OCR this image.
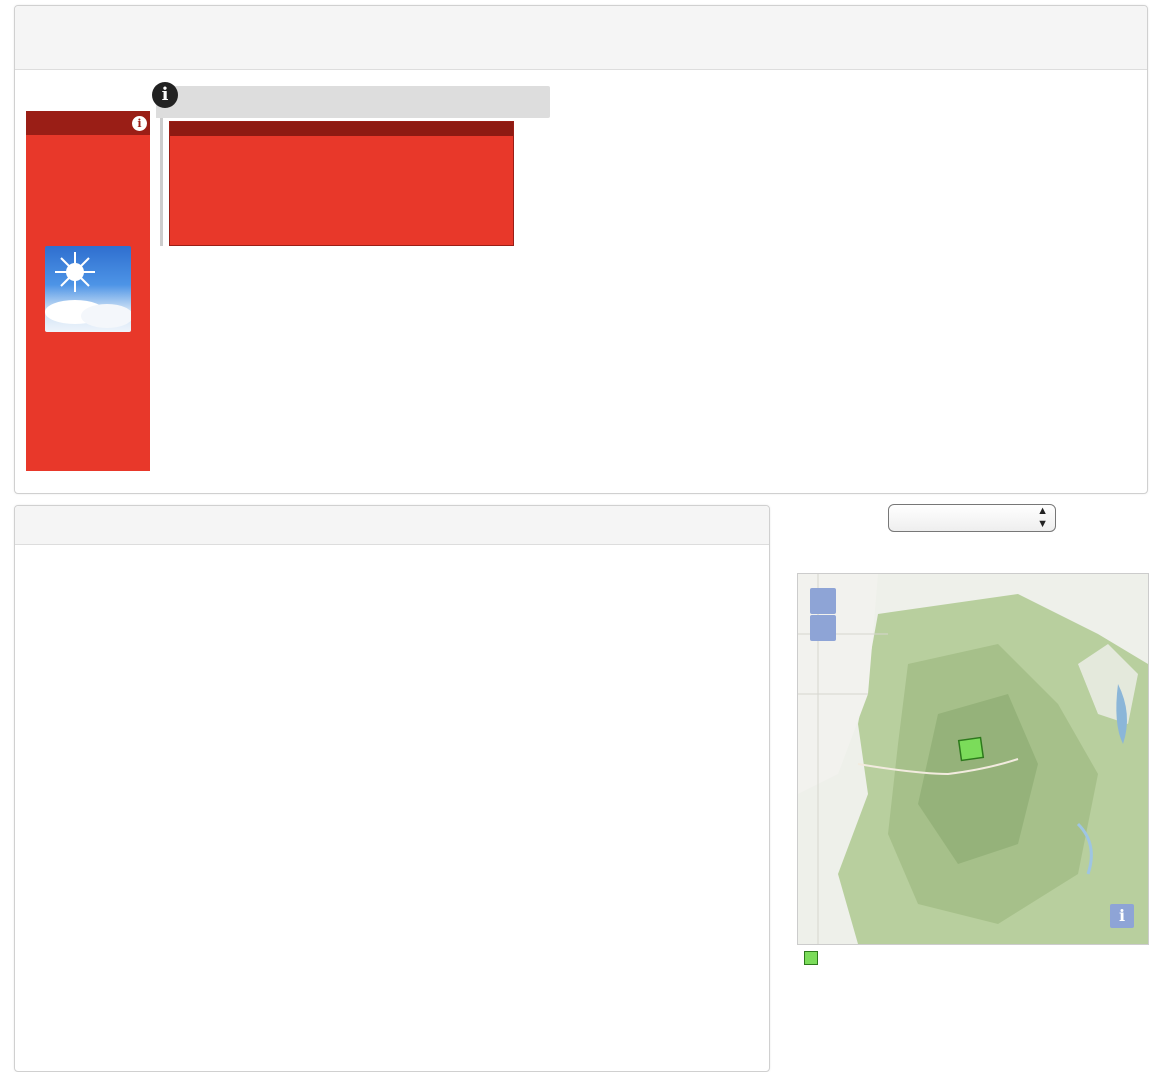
i
i
▲
▼
i
